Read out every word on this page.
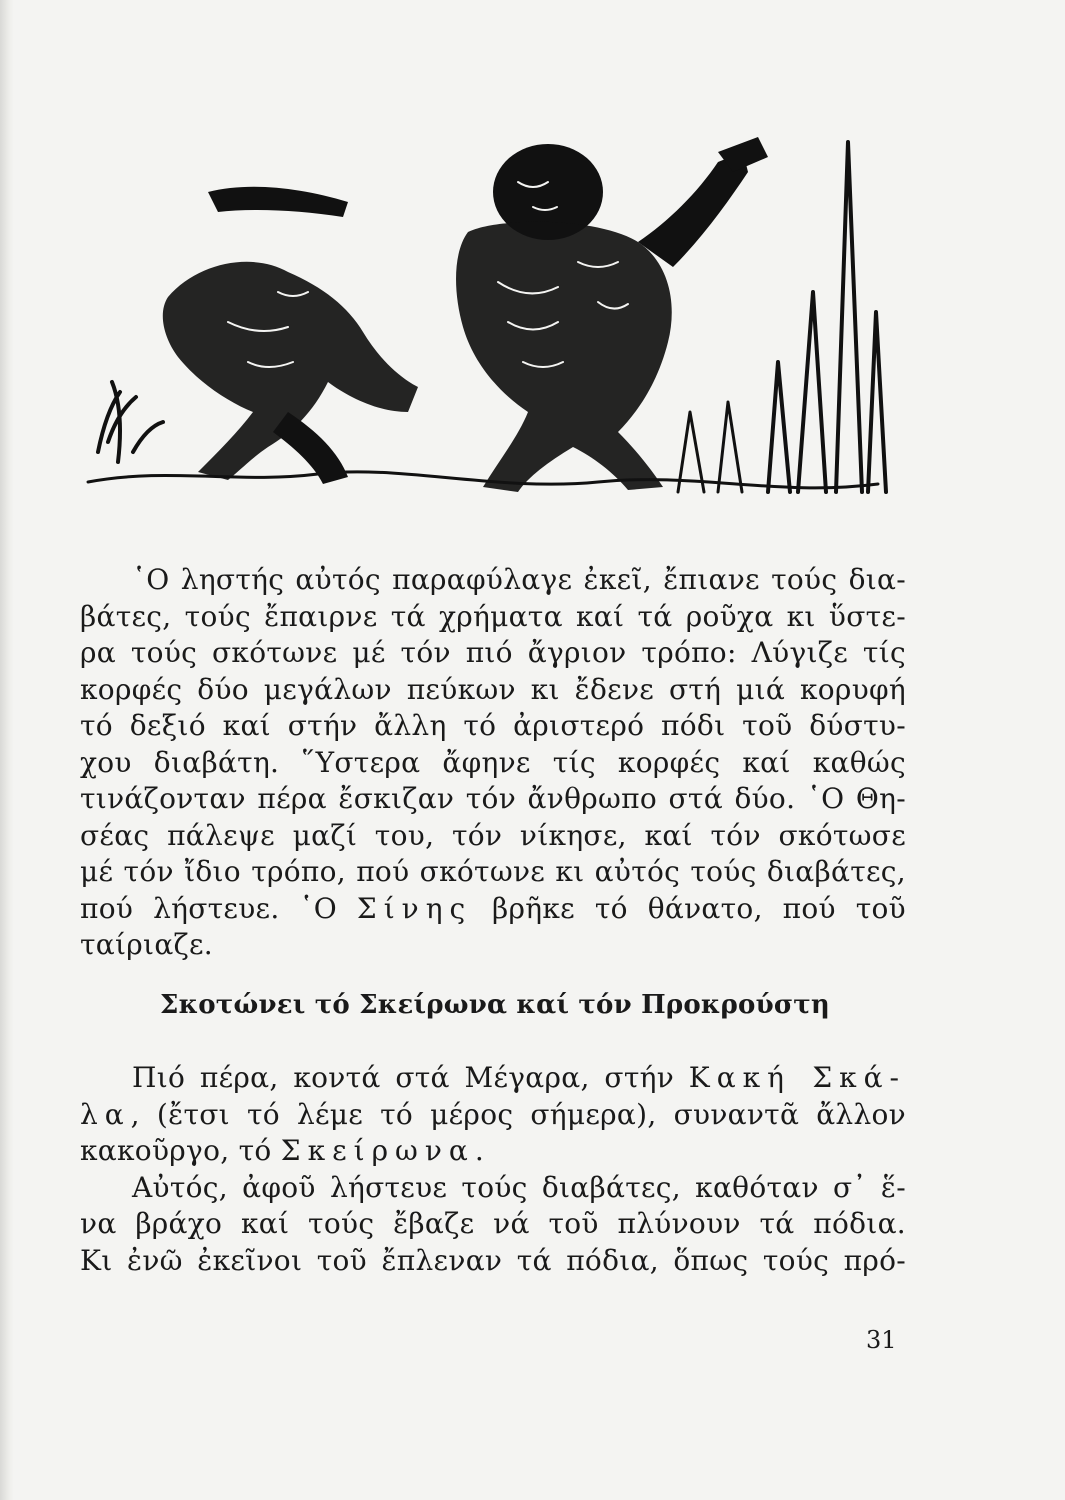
῾Ο ληστής αὐτός παραφύλαγε ἐκεῖ, ἔπιανε τούς δια-
βάτες, τούς ἔπαιρνε τά χρήματα καί τά ροῦχα κι ὕστε-
ρα τούς σκότωνε μέ τόν πιό ἄγριον τρόπο: Λύγιζε τίς
κορφές δύο μεγάλων πεύκων κι ἔδενε στή μιά κορυφή
τό δεξιό καί στήν ἄλλη τό ἀριστερό πόδι τοῦ δύστυ-
χου διαβάτη. ῞Υστερα ἄφηνε τίς κορφές καί καθώς
τινάζονταν πέρα ἔσκιζαν τόν ἄνθρωπο στά δύο. ῾Ο Θη-
σέας πάλεψε μαζί του, τόν νίκησε, καί τόν σκότωσε
μέ τόν ἴδιο τρόπο, πού σκότωνε κι αὐτός τούς διαβάτες,
πού λήστευε. ῾Ο Σίνης βρῆκε τό θάνατο, πού τοῦ
ταίριαζε.
Σκοτώνει τό Σκείρωνα καί τόν Προκρούστη
Πιό πέρα, κοντά στά Μέγαρα, στήν Κακή Σκά-
λα, (ἔτσι τό λέμε τό μέρος σήμερα), συναντᾶ ἄλλον
κακοῦργο, τό Σκείρωνα.
Αὐτός, ἀφοῦ λήστευε τούς διαβάτες, καθόταν σ᾽ ἕ-
να βράχο καί τούς ἔβαζε νά τοῦ πλύνουν τά πόδια.
Κι ἐνῶ ἐκεῖνοι τοῦ ἔπλεναν τά πόδια, ὅπως τούς πρό-
31
